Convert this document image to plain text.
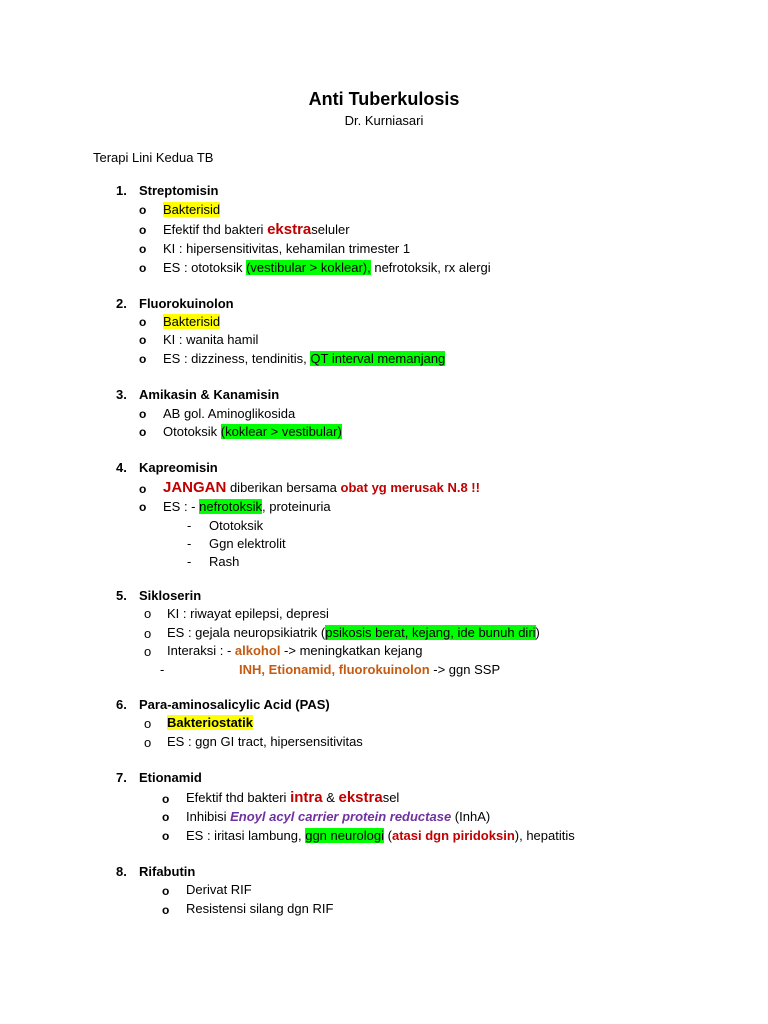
Anti Tuberkulosis
Dr. Kurniasari
Terapi Lini Kedua TB
1. Streptomisin
o Bakterisid
o Efektif thd bakteri ekstraseluler
o KI : hipersensitivitas, kehamilan trimester 1
o ES : ototoksik (vestibular > koklear), nefrotoksik, rx alergi
2. Fluorokuinolon
o Bakterisid
o KI : wanita hamil
o ES : dizziness, tendinitis, QT interval memanjang
3. Amikasin & Kanamisin
o AB gol. Aminoglikosida
o Ototoksik (koklear > vestibular)
4. Kapreomisin
o JANGAN diberikan bersama obat yg merusak N.8 !!
o ES : - nefrotoksik, proteinuria
- Ototoksik
- Ggn elektrolit
- Rash
5. Sikloserin
o KI : riwayat epilepsi, depresi
o ES : gejala neuropsikiatrik (psikosis berat, kejang, ide bunuh diri)
o Interaksi : - alkohol -> meningkatkan kejang
-	INH, Etionamid, fluorokuinolon -> ggn SSP
6. Para-aminosalicylic Acid (PAS)
o Bakteriostatik
o ES : ggn GI tract, hipersensitivitas
7. Etionamid
o Efektif thd bakteri intra & ekstrasel
o Inhibisi Enoyl acyl carrier protein reductase (InhA)
o ES : iritasi lambung, ggn neurologi (atasi dgn piridoksin), hepatitis
8. Rifabutin
o Derivat RIF
o Resistensi silang dgn RIF
